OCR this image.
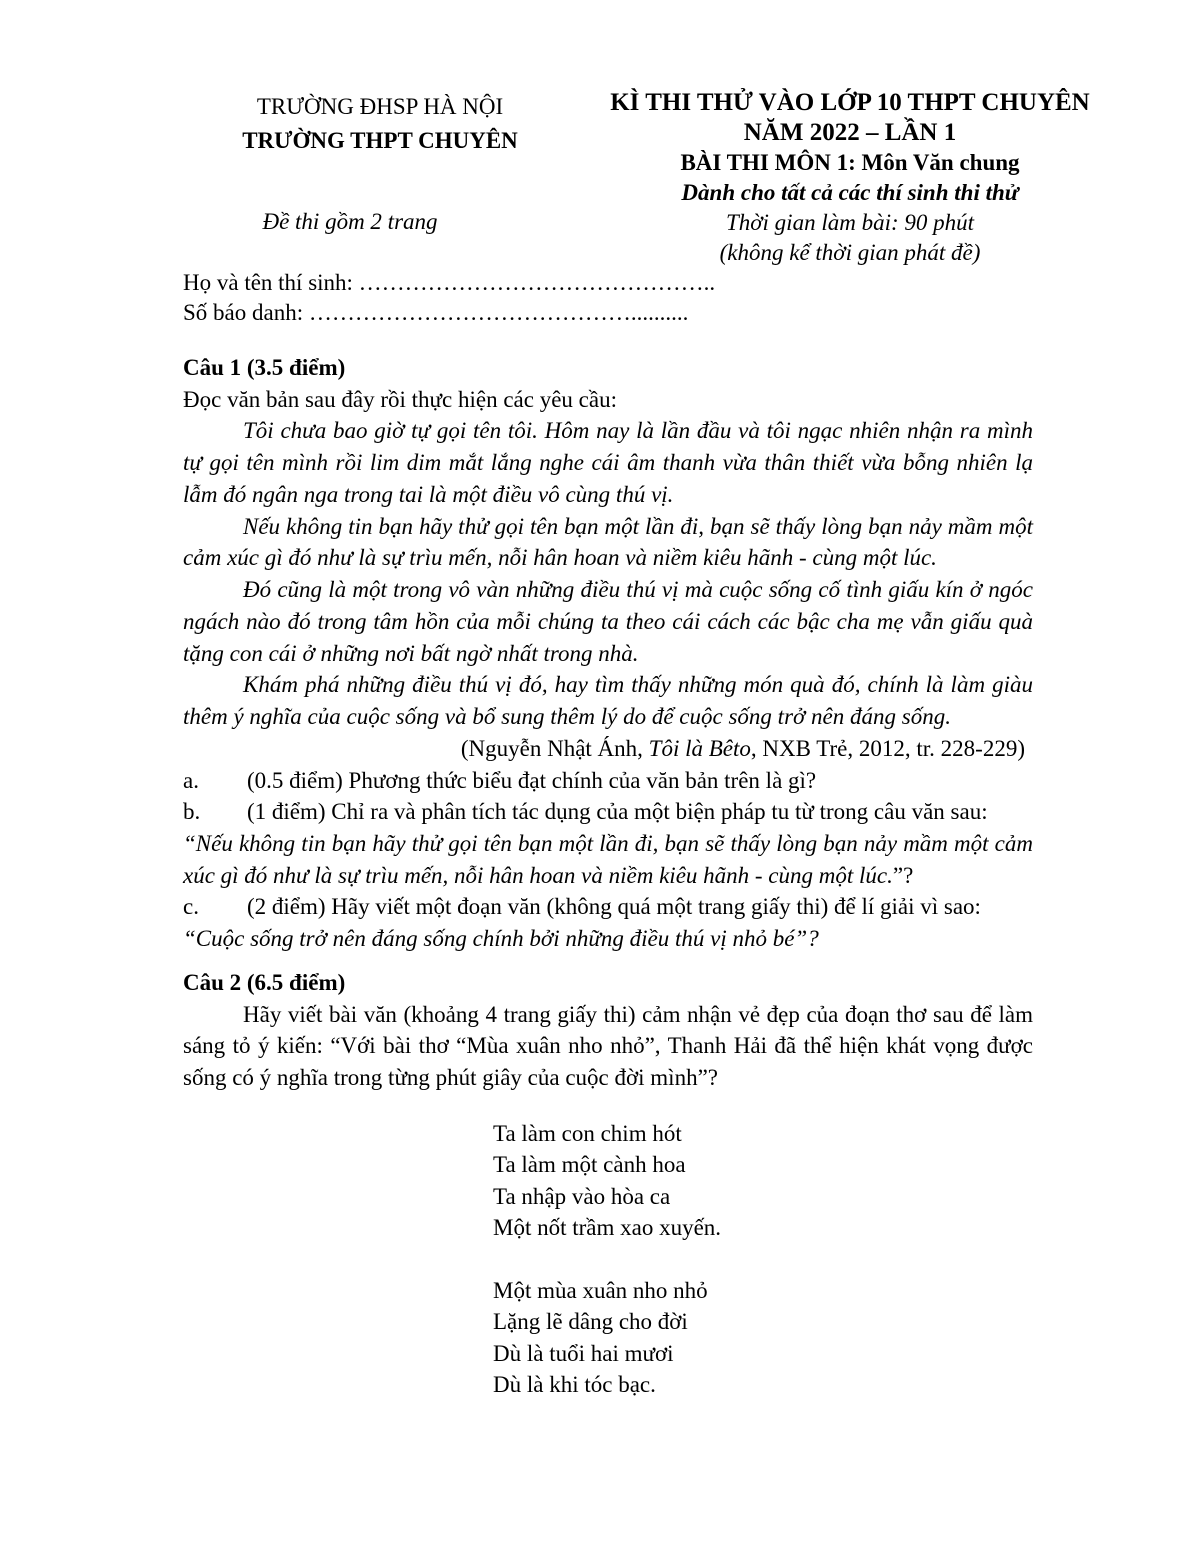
TRƯỜNG ĐHSP HÀ NỘI
TRƯỜNG THPT CHUYÊN
KÌ THI THỬ VÀO LỚP 10 THPT CHUYÊN
NĂM 2022 – LẦN 1
BÀI THI MÔN 1: Môn Văn chung
Dành cho tất cả các thí sinh thi thử
Thời gian làm bài: 90 phút
(không kể thời gian phát đề)
Đề thi gồm 2 trang
Họ và tên thí sinh: ………………………………………..
Số báo danh: ……………………………………..........

Câu 1 (3.5 điểm)

Đọc văn bản sau đây rồi thực hiện các yêu cầu:

Tôi chưa bao giờ tự gọi tên tôi. Hôm nay là lần đầu và tôi ngạc nhiên nhận ra mình tự gọi tên mình rồi lim dim mắt lắng nghe cái âm thanh vừa thân thiết vừa bỗng nhiên lạ lẫm đó ngân nga trong tai là một điều vô cùng thú vị.

Nếu không tin bạn hãy thử gọi tên bạn một lần đi, bạn sẽ thấy lòng bạn nảy mầm một cảm xúc gì đó như là sự trìu mến, nỗi hân hoan và niềm kiêu hãnh - cùng một lúc.

Đó cũng là một trong vô vàn những điều thú vị mà cuộc sống cố tình giấu kín ở ngóc ngách nào đó trong tâm hồn của mỗi chúng ta theo cái cách các bậc cha mẹ vẫn giấu quà tặng con cái ở những nơi bất ngờ nhất trong nhà.

Khám phá những điều thú vị đó, hay tìm thấy những món quà đó, chính là làm giàu thêm ý nghĩa của cuộc sống và bổ sung thêm lý do để cuộc sống trở nên đáng sống.

(Nguyễn Nhật Ánh, Tôi là Bêto, NXB Trẻ, 2012, tr. 228-229)
a.	(0.5 điểm) Phương thức biểu đạt chính của văn bản trên là gì?
b.	(1 điểm) Chỉ ra và phân tích tác dụng của một biện pháp tu từ trong câu văn sau:

“Nếu không tin bạn hãy thử gọi tên bạn một lần đi, bạn sẽ thấy lòng bạn nảy mầm một cảm xúc gì đó như là sự trìu mến, nỗi hân hoan và niềm kiêu hãnh - cùng một lúc.”?

c.	(2 điểm) Hãy viết một đoạn văn (không quá một trang giấy thi) để lí giải vì sao:

“Cuộc sống trở nên đáng sống chính bởi những điều thú vị nhỏ bé”?

Câu 2 (6.5 điểm)

Hãy viết bài văn (khoảng 4 trang giấy thi) cảm nhận vẻ đẹp của đoạn thơ sau để làm sáng tỏ ý kiến: “Với bài thơ “Mùa xuân nho nhỏ”, Thanh Hải đã thể hiện khát vọng được sống có ý nghĩa trong từng phút giây của cuộc đời mình”?

Ta làm con chim hót
Ta làm một cành hoa
Ta nhập vào hòa ca
Một nốt trầm xao xuyến.
Một mùa xuân nho nhỏ
Lặng lẽ dâng cho đời
Dù là tuổi hai mươi
Dù là khi tóc bạc.
